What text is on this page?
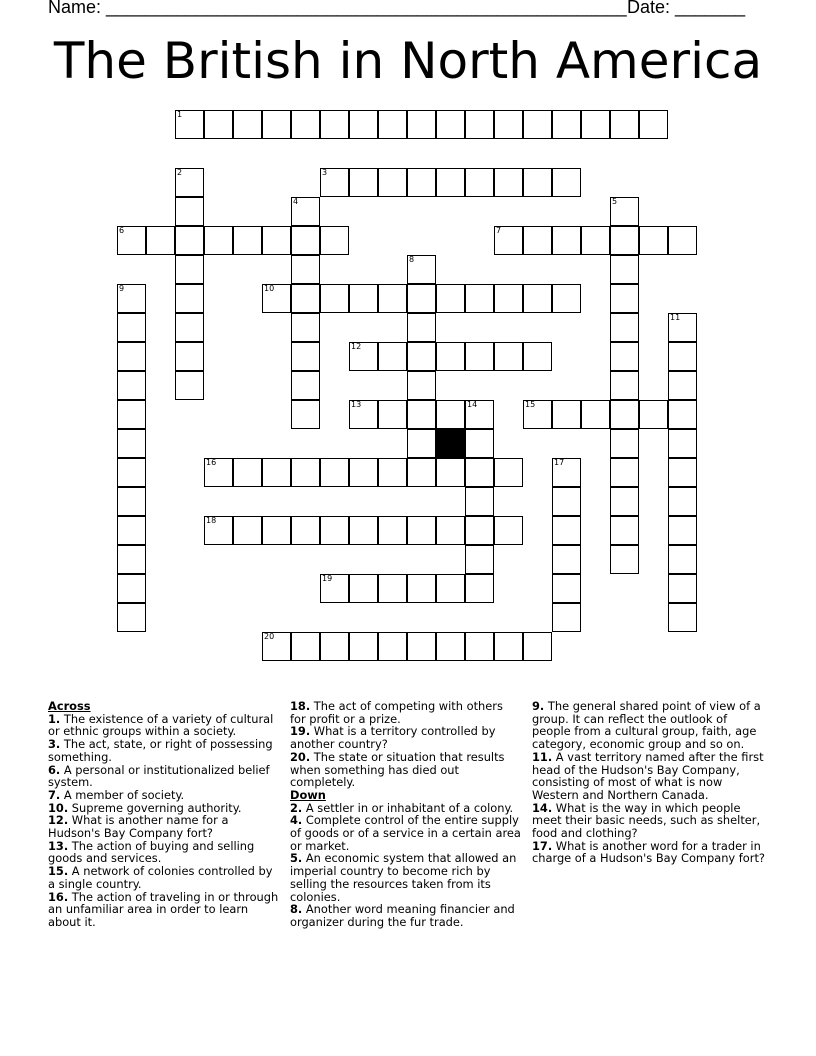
Name: ____________________________________________________ Date: _______
The British in North America
1
2	3
4	5
6	7
8
9	10
11
12
13	14	15
16	17
18
19
20

Across

1. The existence of a variety of cultural or ethnic groups within a society.

3. The act, state, or right of possessing something.

6. A personal or institutionalized belief system.

7. A member of society.

10. Supreme governing authority.

12. What is another name for a Hudson's Bay Company fort?

13. The action of buying and selling goods and services.

15. A network of colonies controlled by a single country.

16. The action of traveling in or through an unfamiliar area in order to learn about it.

18. The act of competing with others for profit or a prize.

19. What is a territory controlled by another country?

20. The state or situation that results when something has died out completely.

Down

2. A settler in or inhabitant of a colony.

4. Complete control of the entire supply of goods or of a service in a certain area or market.

5. An economic system that allowed an imperial country to become rich by selling the resources taken from its colonies.

8. Another word meaning financier and organizer during the fur trade.

9. The general shared point of view of a group. It can reflect the outlook of people from a cultural group, faith, age category, economic group and so on.

11. A vast territory named after the first head of the Hudson's Bay Company, consisting of most of what is now Western and Northern Canada.

14. What is the way in which people meet their basic needs, such as shelter, food and clothing?

17. What is another word for a trader in charge of a Hudson's Bay Company fort?
